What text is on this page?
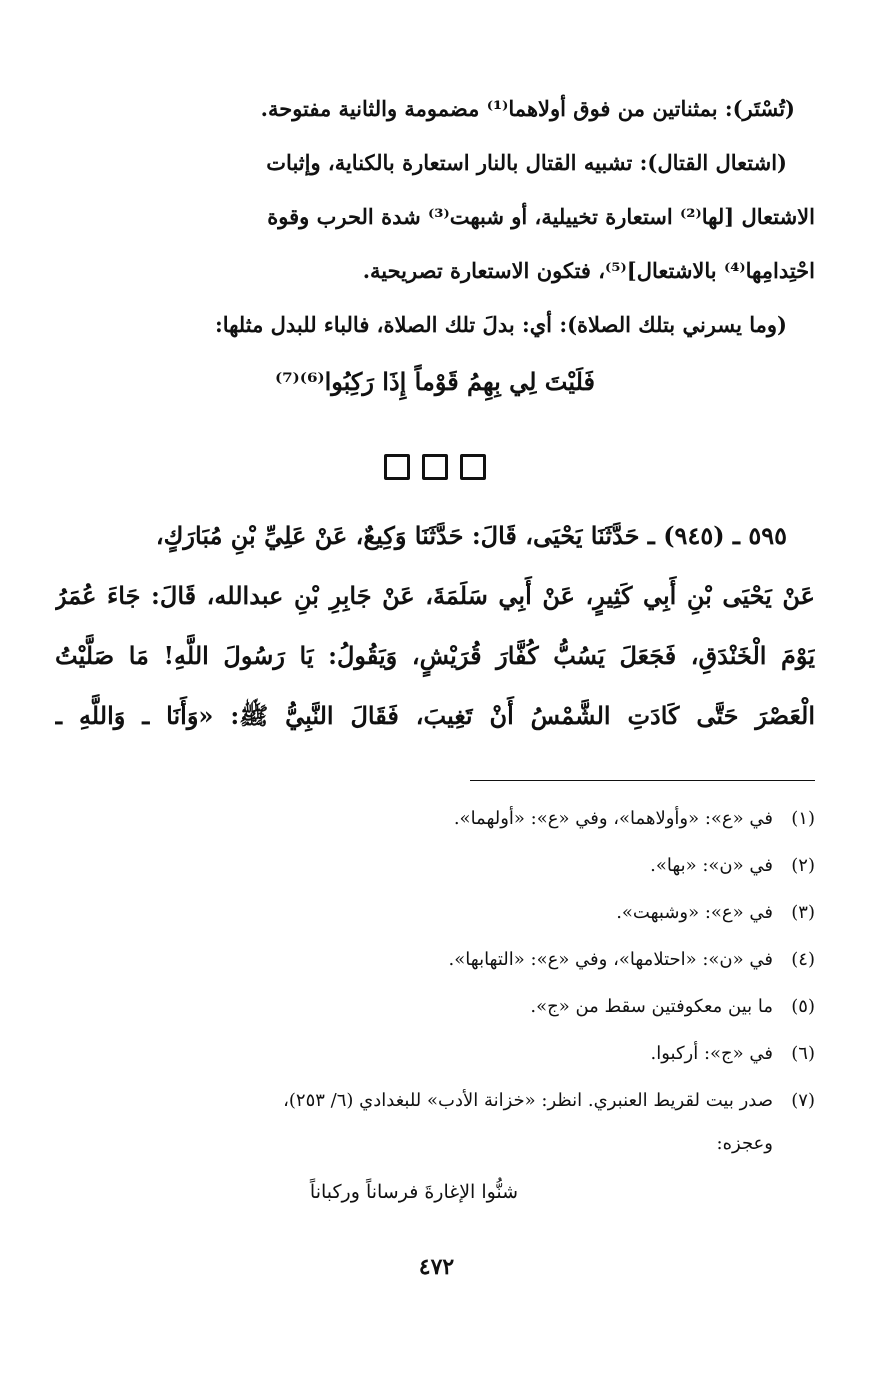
(تُسْتَر): بمثناتين من فوق أولاهما⁽¹⁾ مضمومة والثانية مفتوحة.
(اشتعال القتال): تشبيه القتال بالنار استعارة بالكناية، وإثبات
الاشتعال [لها⁽²⁾ استعارة تخييلية، أو شبهت⁽³⁾ شدة الحرب وقوة
احْتِدامِها⁽⁴⁾ بالاشتعال]⁽⁵⁾، فتكون الاستعارة تصريحية.
(وما يسرني بتلك الصلاة): أي: بدلَ تلك الصلاة، فالباء للبدل مثلها:
فَلَيْتَ لِي بِهِمُ قَوْماً إِذَا رَكِبُوا⁽⁶⁾⁽⁷⁾

٥٩٥ ـ (٩٤٥) ـ حَدَّثَنَا يَحْيَى، قَالَ: حَدَّثَنَا وَكِيعٌ، عَنْ عَلِيِّ بْنِ مُبَارَكٍ،
عَنْ يَحْيَى بْنِ أَبِي كَثِيرٍ، عَنْ أَبِي سَلَمَةَ، عَنْ جَابِرِ بْنِ عبدالله، قَالَ: جَاءَ عُمَرُ
يَوْمَ الْخَنْدَقِ، فَجَعَلَ يَسُبُّ كُفَّارَ قُرَيْشٍ، وَيَقُولُ: يَا رَسُولَ اللَّهِ! مَا صَلَّيْتُ
الْعَصْرَ حَتَّى كَادَتِ الشَّمْسُ أَنْ تَغِيبَ، فَقَالَ النَّبِيُّ ﷺ: «وَأَنَا ـ وَاللَّهِ ـ
(١)
في «ع»: «وأولاهما»، وفي «ع»: «أولهما».
(٢)
في «ن»: «بها».
(٣)
في «ع»: «وشبهت».
(٤)
في «ن»: «احتلامها»، وفي «ع»: «التهابها».
(٥)
ما بين معكوفتين سقط من «ج».
(٦)
في «ج»: أركبوا.
(٧)
صدر بيت لقريط العنبري. انظر: «خزانة الأدب» للبغدادي (٦/ ٢٥٣)،
وعجزه:
شنُّوا الإغارةَ فرساناً وركباناً
٤٧٢
